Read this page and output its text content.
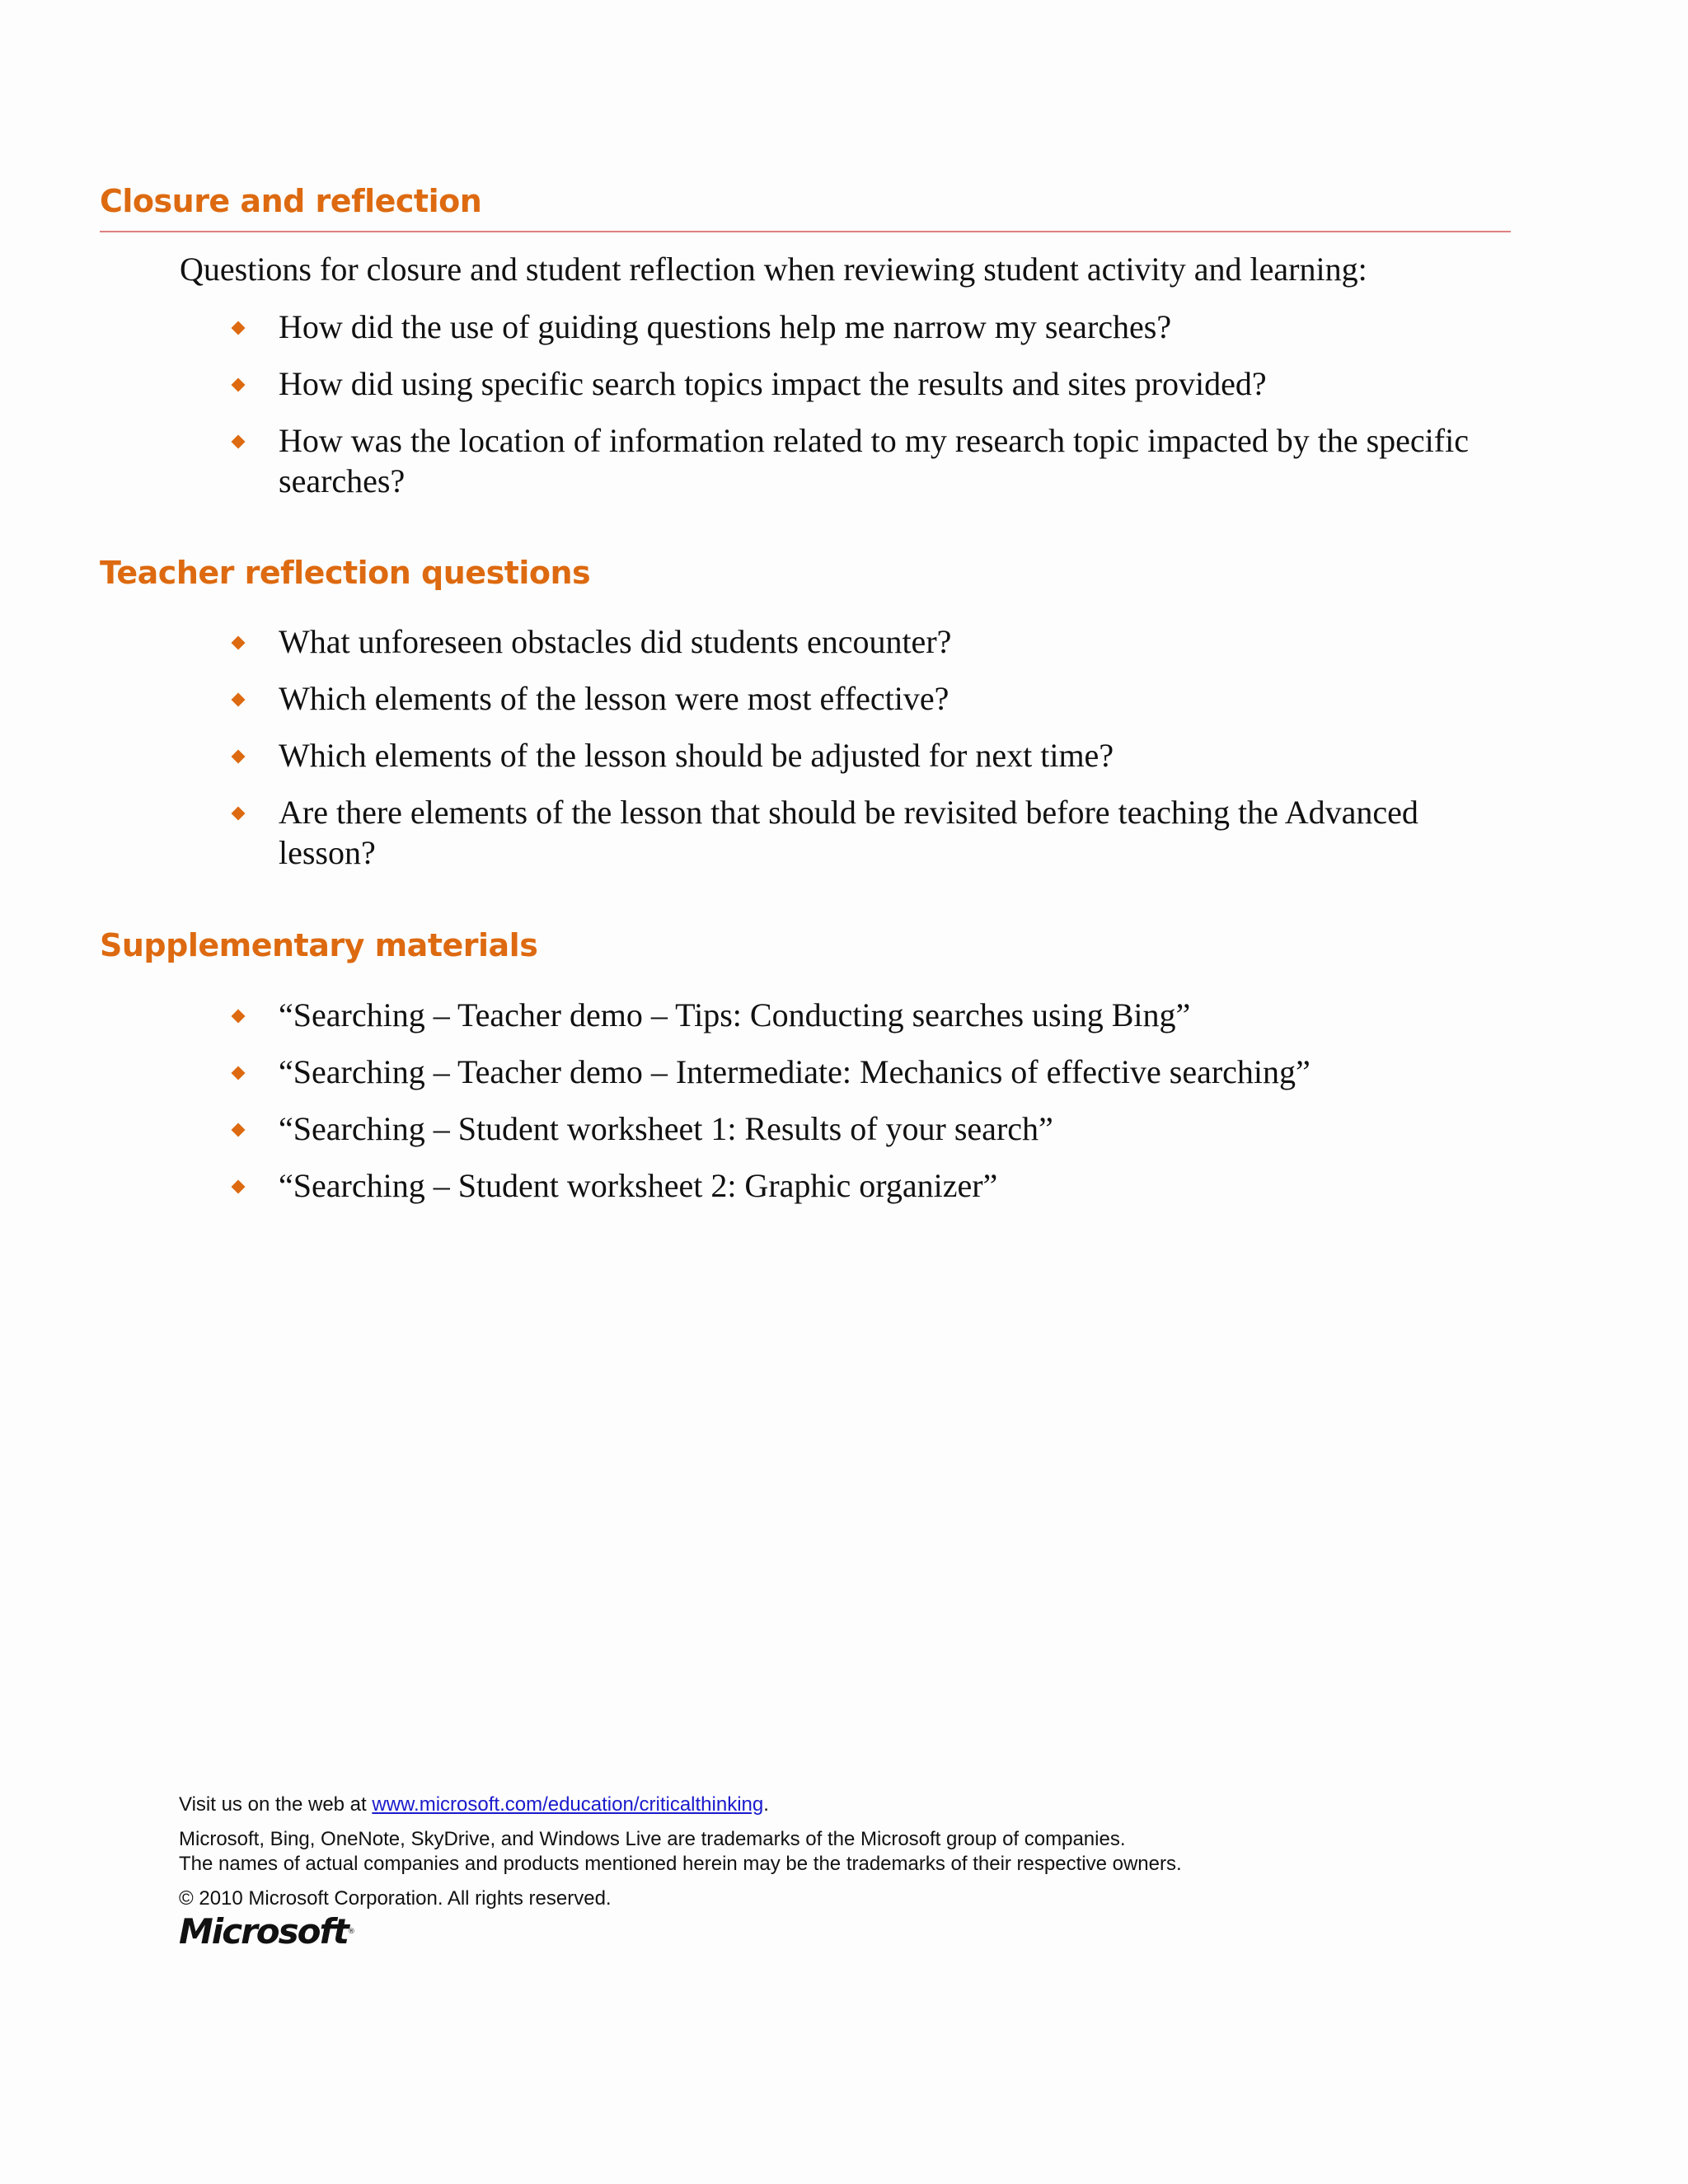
Closure and reflection

Questions for closure and student reflection when reviewing student activity and learning:

How did the use of guiding questions help me narrow my searches?
How did using specific search topics impact the results and sites provided?
How was the location of information related to my research topic impacted by the specific searches?
Teacher reflection questions
What unforeseen obstacles did students encounter?
Which elements of the lesson were most effective?
Which elements of the lesson should be adjusted for next time?
Are there elements of the lesson that should be revisited before teaching the Advanced lesson?
Supplementary materials
“Searching – Teacher demo – Tips: Conducting searches using Bing”
“Searching – Teacher demo – Intermediate: Mechanics of effective searching”
“Searching – Student worksheet 1: Results of your search”
“Searching – Student worksheet 2: Graphic organizer”
Visit us on the web at www.microsoft.com/education/criticalthinking.
Microsoft, Bing, OneNote, SkyDrive, and Windows Live are trademarks of the Microsoft group of companies.
The names of actual companies and products mentioned herein may be the trademarks of their respective owners.
© 2010 Microsoft Corporation. All rights reserved.
Microsoft®
